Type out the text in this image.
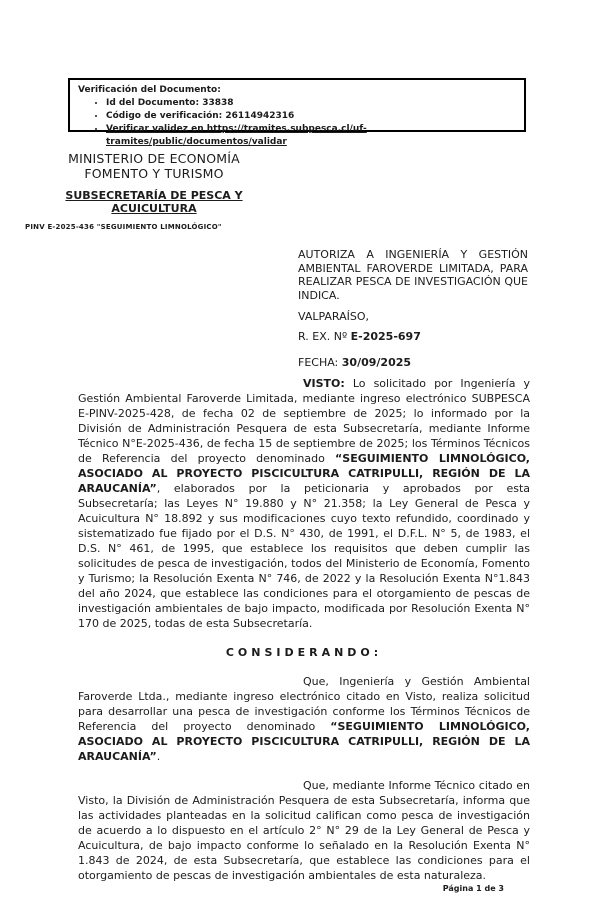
Verificación del Documento:
• Id del Documento: 33838
• Código de verificación: 26114942316
• Verificar validez en https://tramites.subpesca.cl/uf-tramites/public/documentos/validar
MINISTERIO DE ECONOMÍA
FOMENTO Y TURISMO
SUBSECRETARÍA DE PESCA Y
ACUICULTURA
PINV E-2025-436 "SEGUIMIENTO LIMNOLÓGICO"

AUTORIZA A INGENIERÍA Y GESTIÓN AMBIENTAL FAROVERDE LIMITADA, PARA REALIZAR PESCA DE INVESTIGACIÓN QUE INDICA.

VALPARAÍSO,

R. EX. Nº E-2025-697

FECHA: 30/09/2025

VISTO: Lo solicitado por Ingeniería y Gestión Ambiental Faroverde Limitada, mediante ingreso electrónico SUBPESCA E-PINV-2025-428, de fecha 02 de septiembre de 2025; lo informado por la División de Administración Pesquera de esta Subsecretaría, mediante Informe Técnico N°E-2025-436, de fecha 15 de septiembre de 2025; los Términos Técnicos de Referencia del proyecto denominado “SEGUIMIENTO LIMNOLÓGICO, ASOCIADO AL PROYECTO PISCICULTURA CATRIPULLI, REGIÓN DE LA ARAUCANÍA”, elaborados por la peticionaria y aprobados por esta Subsecretaría; las Leyes N° 19.880 y N° 21.358; la Ley General de Pesca y Acuicultura N° 18.892 y sus modificaciones cuyo texto refundido, coordinado y sistematizado fue fijado por el D.S. N° 430, de 1991, el D.F.L. N° 5, de 1983, el D.S. N° 461, de 1995, que establece los requisitos que deben cumplir las solicitudes de pesca de investigación, todos del Ministerio de Economía, Fomento y Turismo; la Resolución Exenta N° 746, de 2022 y la Resolución Exenta N°1.843 del año 2024, que establece las condiciones para el otorgamiento de pescas de investigación ambientales de bajo impacto, modificada por Resolución Exenta N° 170 de 2025, todas de esta Subsecretaría.

CONSIDERANDO:

Que, Ingeniería y Gestión Ambiental Faroverde Ltda., mediante ingreso electrónico citado en Visto, realiza solicitud para desarrollar una pesca de investigación conforme los Términos Técnicos de Referencia del proyecto denominado “SEGUIMIENTO LIMNOLÓGICO, ASOCIADO AL PROYECTO PISCICULTURA CATRIPULLI, REGIÓN DE LA ARAUCANÍA”.

Que, mediante Informe Técnico citado en Visto, la División de Administración Pesquera de esta Subsecretaría, informa que las actividades planteadas en la solicitud califican como pesca de investigación de acuerdo a lo dispuesto en el artículo 2° N° 29 de la Ley General de Pesca y Acuicultura, de bajo impacto conforme lo señalado en la Resolución Exenta N° 1.843 de 2024, de esta Subsecretaría, que establece las condiciones para el otorgamiento de pescas de investigación ambientales de esta naturaleza.

Página 1 de 3
